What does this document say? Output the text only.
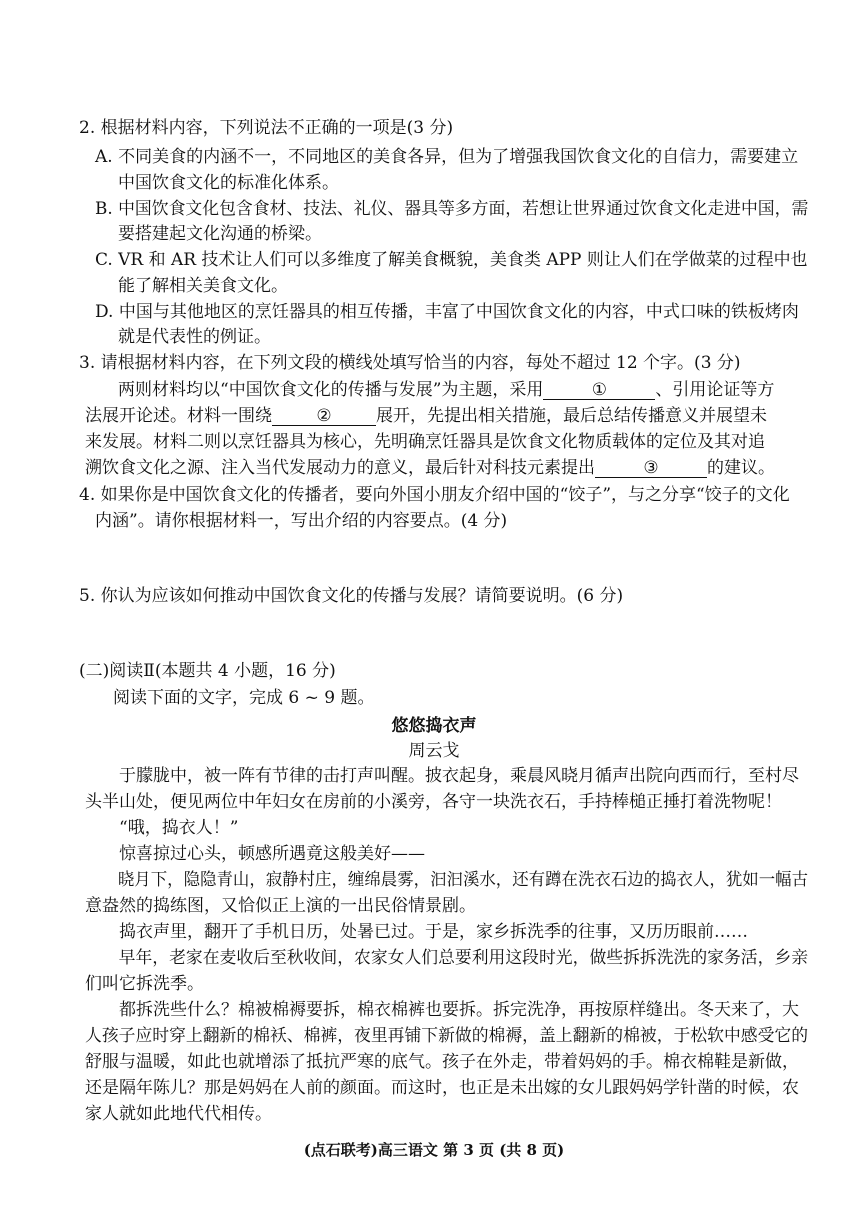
2. 根据材料内容，下列说法不正确的一项是(3 分)
A. 不同美食的内涵不一，不同地区的美食各异，但为了增强我国饮食文化的自信力，需要建立
中国饮食文化的标准化体系。
B. 中国饮食文化包含食材、技法、礼仪、器具等多方面，若想让世界通过饮食文化走进中国，需
要搭建起文化沟通的桥梁。
C. VR 和 AR 技术让人们可以多维度了解美食概貌，美食类 APP 则让人们在学做菜的过程中也
能了解相关美食文化。
D. 中国与其他地区的烹饪器具的相互传播，丰富了中国饮食文化的内容，中式口味的铁板烤肉
就是代表性的例证。
3. 请根据材料内容，在下列文段的横线处填写恰当的内容，每处不超过 12 个字。(3 分)
两则材料均以“中国饮食文化的传播与发展”为主题，采用	①	、引用论证等方
法展开论述。材料一围绕	②	展开，先提出相关措施，最后总结传播意义并展望未
来发展。材料二则以烹饪器具为核心，先明确烹饪器具是饮食文化物质载体的定位及其对追
溯饮食文化之源、注入当代发展动力的意义，最后针对科技元素提出	③	的建议。
4. 如果你是中国饮食文化的传播者，要向外国小朋友介绍中国的“饺子”，与之分享“饺子的文化
内涵”。请你根据材料一，写出介绍的内容要点。(4 分)
5. 你认为应该如何推动中国饮食文化的传播与发展？请简要说明。(6 分)
(二)阅读Ⅱ(本题共 4 小题，16 分)
阅读下面的文字，完成 6 ~ 9 题。
悠悠捣衣声
周云戈
　　于朦胧中，被一阵有节律的击打声叫醒。披衣起身，乘晨风晓月循声出院向西而行，至村尽
头半山处，便见两位中年妇女在房前的小溪旁，各守一块洗衣石，手持棒槌正捶打着洗物呢！
　　“哦，捣衣人！”
　　惊喜掠过心头，顿感所遇竟这般美好——
　　晓月下，隐隐青山，寂静村庄，缠绵晨雾，汩汩溪水，还有蹲在洗衣石边的捣衣人，犹如一幅古
意盎然的捣练图，又恰似正上演的一出民俗情景剧。
　　捣衣声里，翻开了手机日历，处暑已过。于是，家乡拆洗季的往事，又历历眼前……
　　早年，老家在麦收后至秋收间，农家女人们总要利用这段时光，做些拆拆洗洗的家务活，乡亲
们叫它拆洗季。
　　都拆洗些什么？棉被棉褥要拆，棉衣棉裤也要拆。拆完洗净，再按原样缝出。冬天来了，大
人孩子应时穿上翻新的棉袄、棉裤，夜里再铺下新做的棉褥，盖上翻新的棉被，于松软中感受它的
舒服与温暖，如此也就增添了抵抗严寒的底气。孩子在外走，带着妈妈的手。棉衣棉鞋是新做，
还是隔年陈儿？那是妈妈在人前的颜面。而这时，也正是未出嫁的女儿跟妈妈学针凿的时候，农
家人就如此地代代相传。
(点石联考)高三语文 第 3 页 (共 8 页)
